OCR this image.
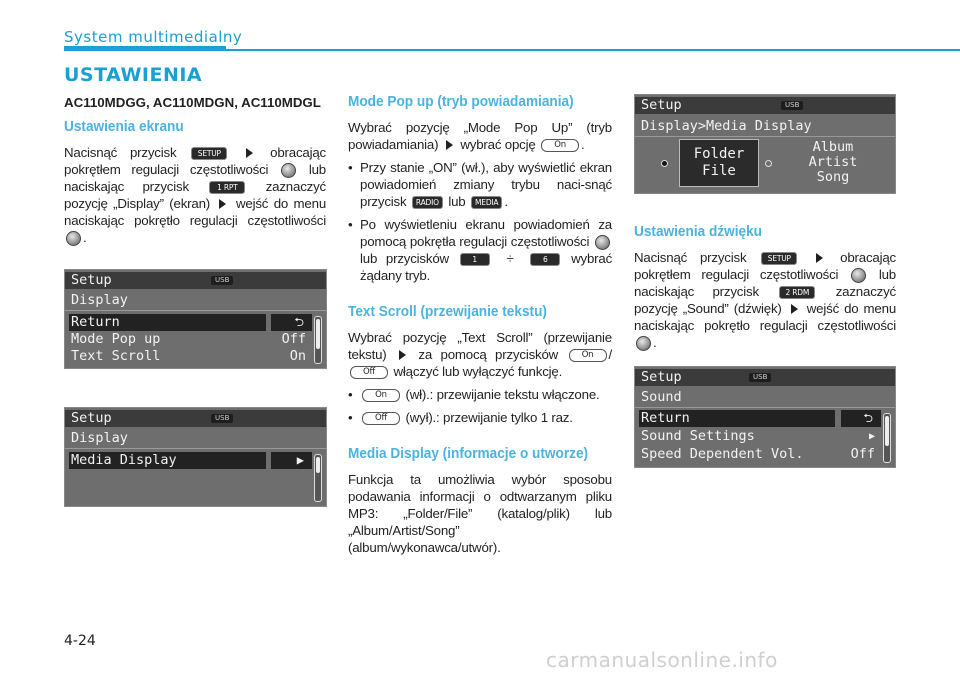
System multimedialny
USTAWIENIA
AC110MDGG, AC110MDGN, AC110MDGL
Ustawienia ekranu

Nacisnąć przycisk	SETUP	obracając pokrętłem regulacji częstotliwości	lub naciskając przycisk	1 RPT zaznaczyć pozycję „Display” (ekran) wejść do menu naciskając pokrętło regulacji częstotliwości .

Setup	USB
Display
Return	⮌
Mode Pop up	Off
Text Scroll	On
Setup	USB
Display
Media Display	▶
Mode Pop up (tryb powiadamiania)

Wybrać pozycję „Mode Pop Up” (tryb powiadamiania) wybrać opcję On .

• Przy stanie „ON” (wł.), aby wyświetlić ekran powiadomień zmiany trybu naci-snąć przycisk RADIO lub MEDIA .
• Po wyświetleniu ekranu powiadomień za pomocą pokrętła regulacji częstotliwości  lub przycisków	1 ÷	6 wybrać żądany tryb.
Text Scroll (przewijanie tekstu)

Wybrać pozycję „Text Scroll” (przewijanie tekstu) za pomocą przycisków	On / Off włączyć lub wyłączyć funkcję.

• On (wł).: przewijanie tekstu włączone.
• Off (wył).: przewijanie tylko 1 raz.
Media Display (informacje o utworze)

Funkcja ta umożliwia wybór sposobu podawania informacji o odtwarzanym pliku MP3: „Folder/File” (katalog/plik) lub „Album/Artist/Song” (album/wykonawca/utwór).

Setup	USB
Display>Media Display
Folder
File
Album
Artist
Song
Ustawienia dźwięku

Nacisnąć przycisk	SETUP	obracając pokrętłem regulacji częstotliwości	lub naciskając przycisk	2 RDM zaznaczyć pozycję „Sound” (dźwięk) wejść do menu naciskając pokrętło regulacji częstotliwości .

Setup	USB
Sound
Return	⮌
Sound Settings	▶
Speed Dependent Vol.	Off
4-24
carmanualsonline.info
